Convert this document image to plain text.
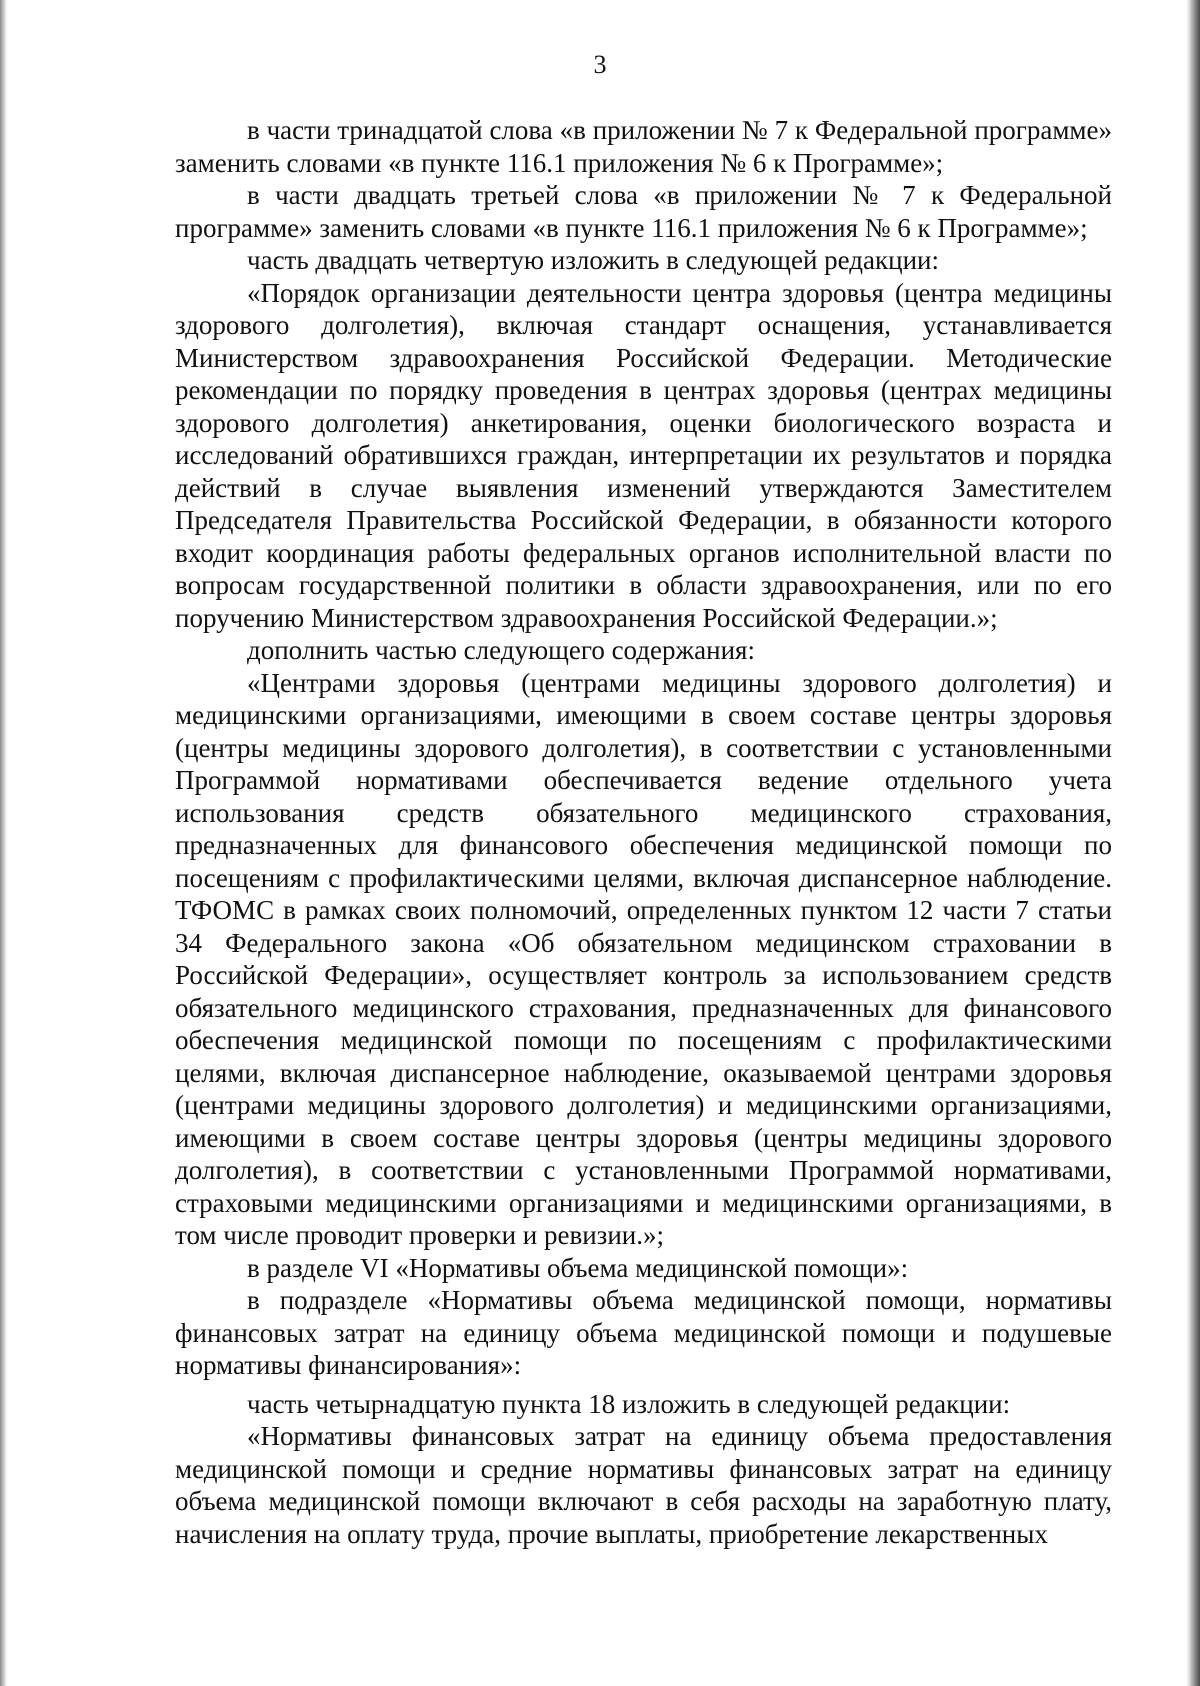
3

в части тринадцатой слова «в приложении № 7 к Федеральной программе» заменить словами «в пункте 116.1 приложения № 6 к Программе»;

в части двадцать третьей слова «в приложении № 7 к Федеральной программе» заменить словами «в пункте 116.1 приложения № 6 к Программе»;

часть двадцать четвертую изложить в следующей редакции:

«Порядок организации деятельности центра здоровья (центра медицины здорового долголетия), включая стандарт оснащения, устанавливается Министерством здравоохранения Российской Федерации. Методические рекомендации по порядку проведения в центрах здоровья (центрах медицины здорового долголетия) анкетирования, оценки биологического возраста и исследований обратившихся граждан, интерпретации их результатов и порядка действий в случае выявления изменений утверждаются Заместителем Председателя Правительства Российской Федерации, в обязанности которого входит координация работы федеральных органов исполнительной власти по вопросам государственной политики в области здравоохранения, или по его поручению Министерством здравоохранения Российской Федерации.»;

дополнить частью следующего содержания:

«Центрами здоровья (центрами медицины здорового долголетия) и медицинскими организациями, имеющими в своем составе центры здоровья (центры медицины здорового долголетия), в соответствии с установленными Программой нормативами обеспечивается ведение отдельного учета использования средств обязательного медицинского страхования, предназначенных для финансового обеспечения медицинской помощи по посещениям с профилактическими целями, включая диспансерное наблюдение. ТФОМС в рамках своих полномочий, определенных пунктом 12 части 7 статьи 34 Федерального закона «Об обязательном медицинском страховании в Российской Федерации», осуществляет контроль за использованием средств обязательного медицинского страхования, предназначенных для финансового обеспечения медицинской помощи по посещениям с профилактическими целями, включая диспансерное наблюдение, оказываемой центрами здоровья (центрами медицины здорового долголетия) и медицинскими организациями, имеющими в своем составе центры здоровья (центры медицины здорового долголетия), в соответствии с установленными Программой нормативами, страховыми медицинскими организациями и медицинскими организациями, в том числе проводит проверки и ревизии.»;

в разделе VI «Нормативы объема медицинской помощи»:

в подразделе «Нормативы объема медицинской помощи, нормативы финансовых затрат на единицу объема медицинской помощи и подушевые нормативы финансирования»:

часть четырнадцатую пункта 18 изложить в следующей редакции:

«Нормативы финансовых затрат на единицу объема предоставления медицинской помощи и средние нормативы финансовых затрат на единицу объема медицинской помощи включают в себя расходы на заработную плату, начисления на оплату труда, прочие выплаты, приобретение лекарственных
